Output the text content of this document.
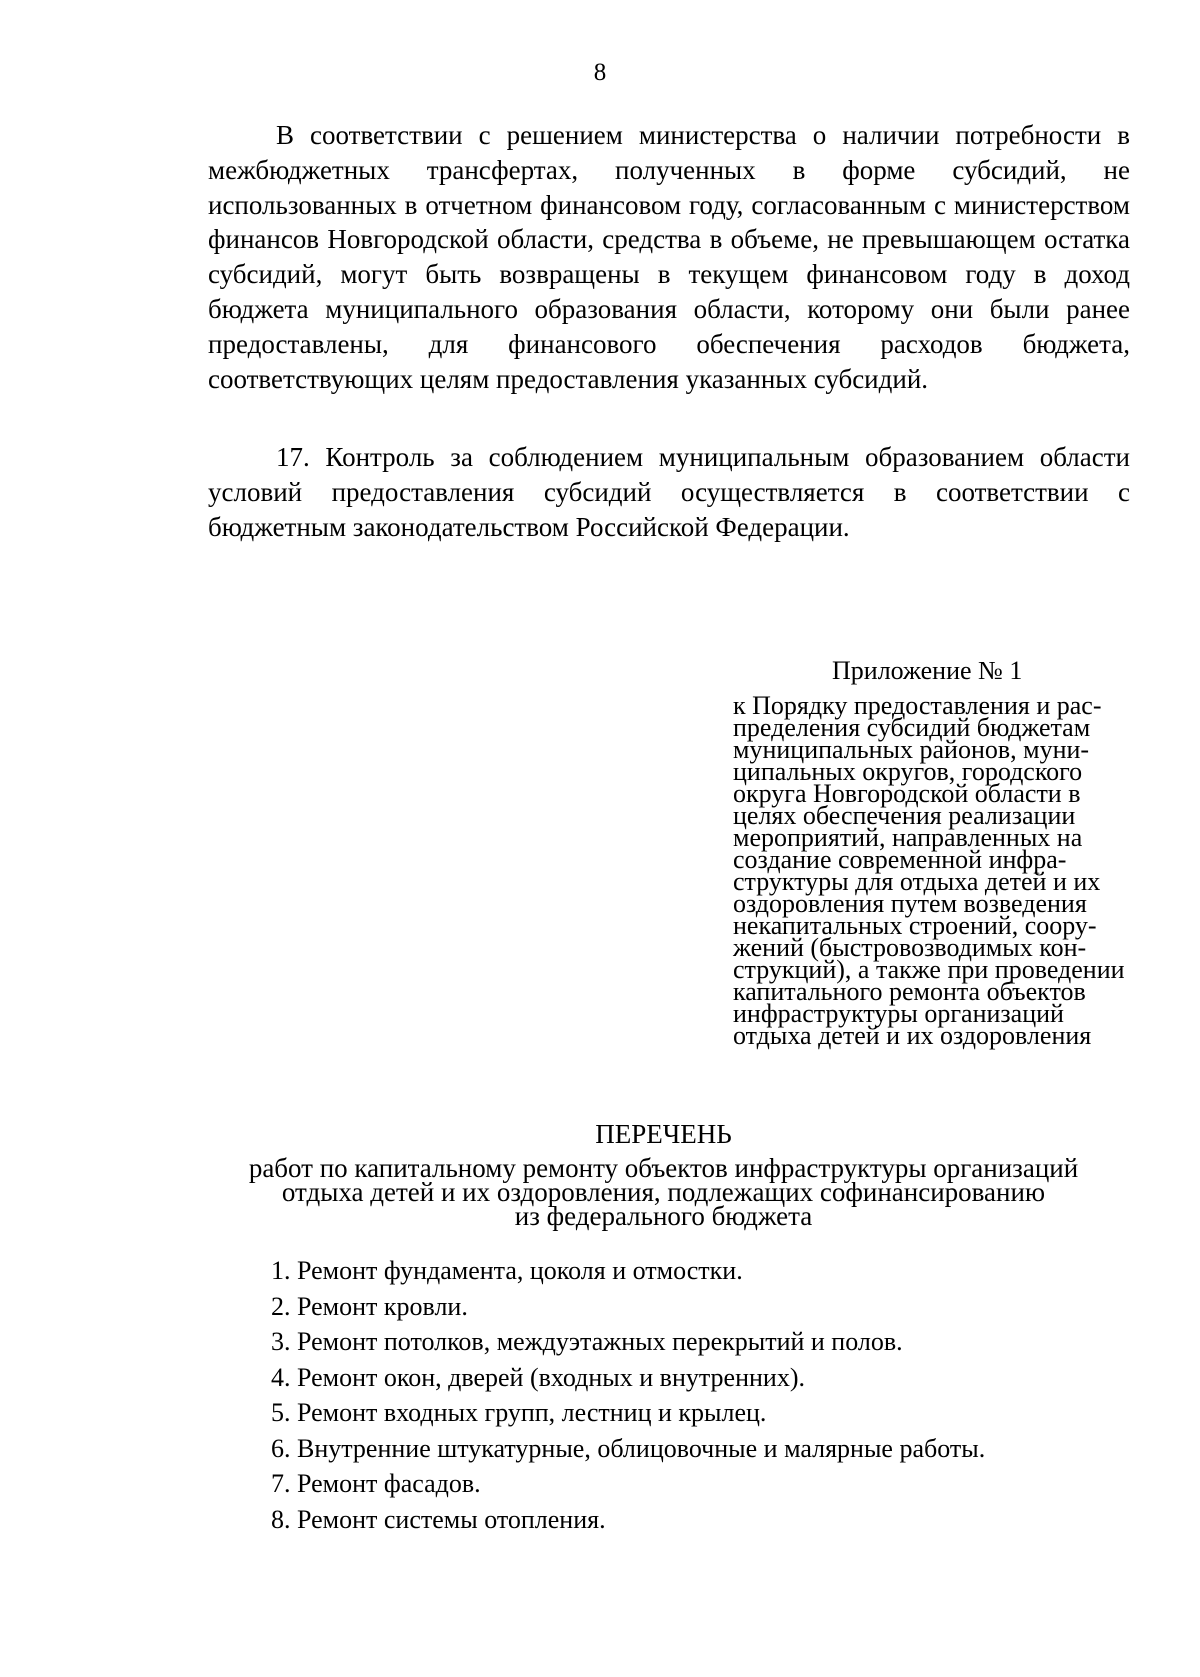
8

В соответствии с решением министерства о наличии потребности в межбюджетных трансфертах, полученных в форме субсидий, не использованных в отчетном финансовом году, согласованным с министерством финансов Новгородской области, средства в объеме, не превышающем остатка субсидий, могут быть возвращены в текущем финансовом году в доход бюджета муниципального образования области, которому они были ранее предоставлены, для финансового обеспечения расходов бюджета, соответствующих целям предоставления указанных субсидий.

17. Контроль за соблюдением муниципальным образованием области условий предоставления субсидий осуществляется в соответствии с бюджетным законодательством Российской Федерации.

Приложение № 1
к Порядку предоставления и рас-
пределения субсидий бюджетам
муниципальных районов, муни-
ципальных округов, городского
округа Новгородской области в
целях обеспечения реализации
мероприятий, направленных на
создание современной инфра-
структуры для отдыха детей и их
оздоровления путем возведения
некапитальных строений, соору-
жений (быстровозводимых кон-
струкций), а также при проведении
капитального ремонта объектов
инфраструктуры организаций
отдыха детей и их оздоровления
ПЕРЕЧЕНЬ
работ по капитальному ремонту объектов инфраструктуры организаций
отдыха детей и их оздоровления, подлежащих софинансированию
из федерального бюджета
1. Ремонт фундамента, цоколя и отмостки.
2. Ремонт кровли.
3. Ремонт потолков, междуэтажных перекрытий и полов.
4. Ремонт окон, дверей (входных и внутренних).
5. Ремонт входных групп, лестниц и крылец.
6. Внутренние штукатурные, облицовочные и малярные работы.
7. Ремонт фасадов.
8. Ремонт системы отопления.
